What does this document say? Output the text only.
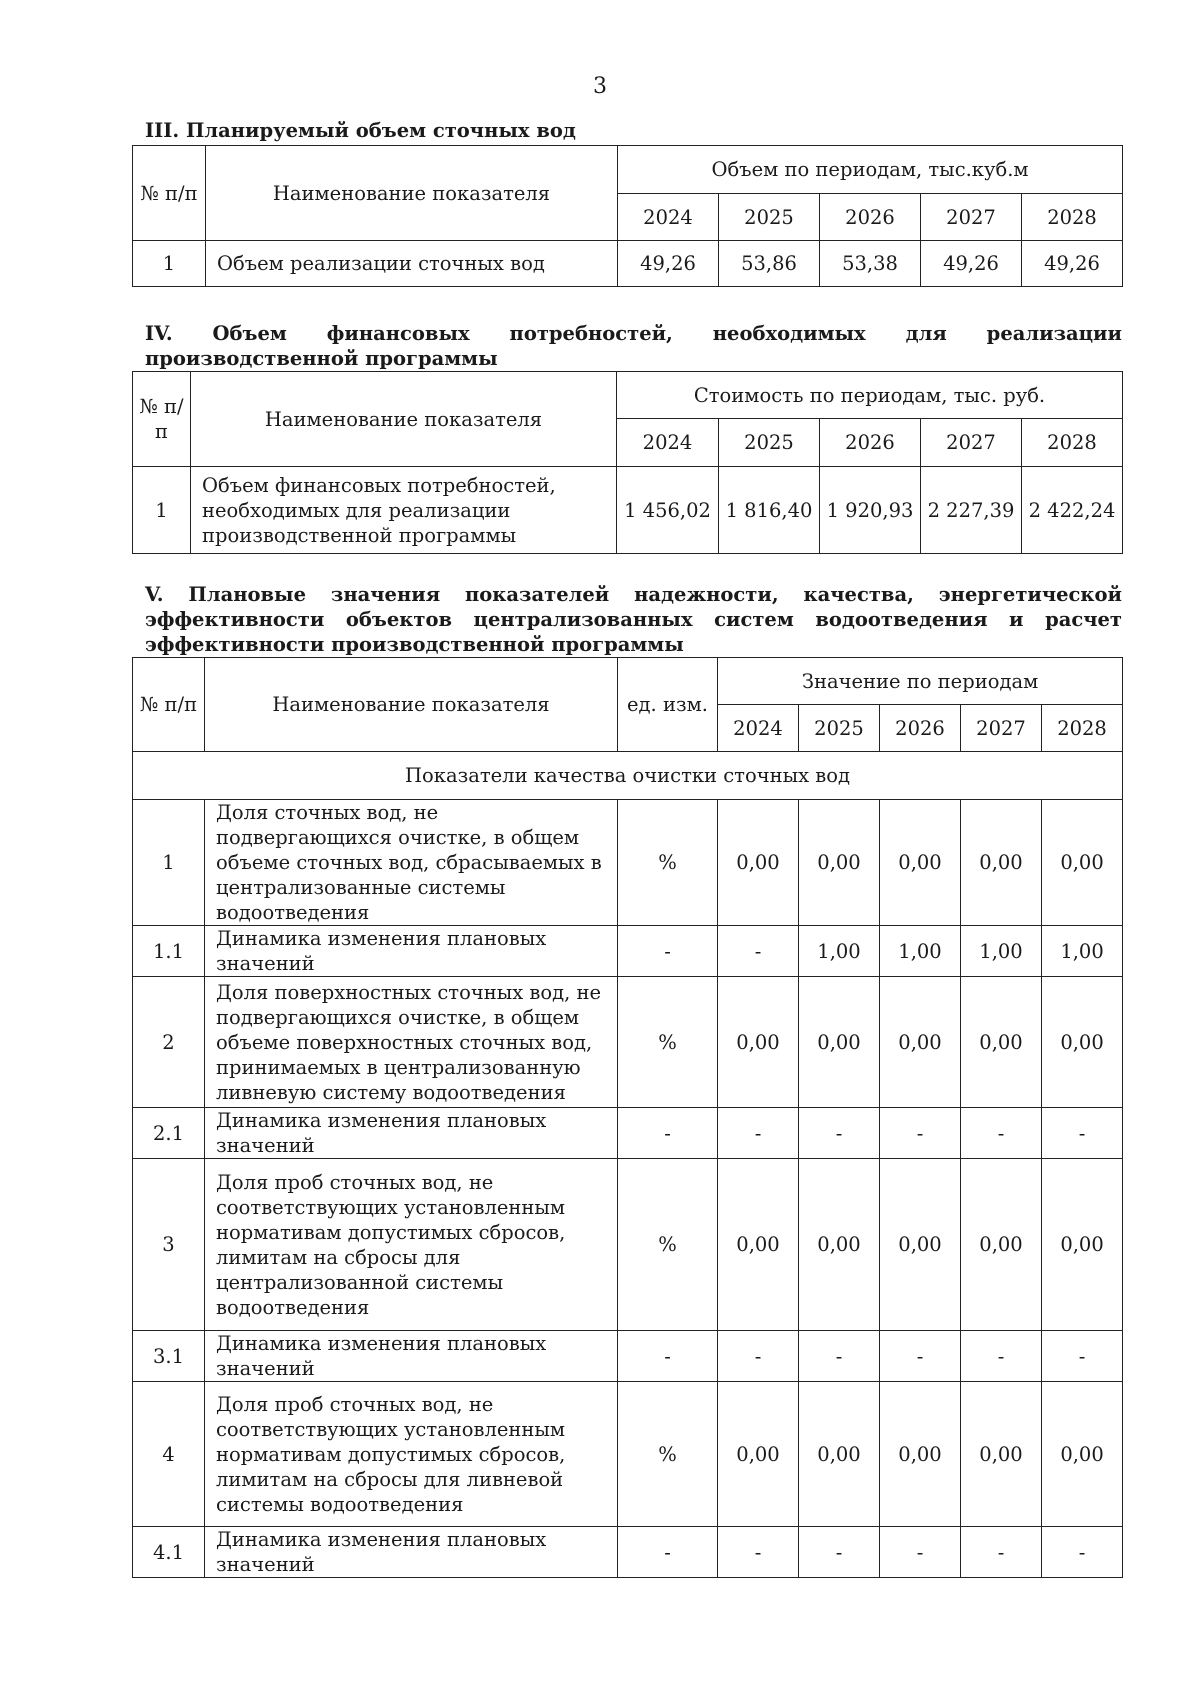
3
III. Планируемый объем сточных вод
№ п/п	Наименование показателя	Объем по периодам, тыс.куб.м				
		2024	2025	2026	2027	2028
1	Объем реализации сточных вод	49,26	53,86	53,38	49,26	49,26
IV. Объем финансовых потребностей, необходимых для реализации производственной программы
№ п/п	Наименование показателя	Стоимость по периодам, тыс. руб.				
		2024	2025	2026	2027	2028
1	Объем финансовых потребностей, необходимых для реализации производственной программы	1 456,02	1 816,40	1 920,93	2 227,39	2 422,24
V. Плановые значения показателей надежности, качества, энергетической эффективности объектов централизованных систем водоотведения и расчет эффективности производственной программы
№ п/п	Наименование показателя	ед. изм.	Значение по периодам				
			2024	2025	2026	2027	2028
Показатели качества очистки сточных вод							
1	Доля сточных вод, не подвергающихся очистке, в общем объеме сточных вод, сбрасываемых в централизованные системы водоотведения	%	0,00	0,00	0,00	0,00	0,00
1.1	Динамика изменения плановых значений	-	-	1,00	1,00	1,00	1,00
2	Доля поверхностных сточных вод, не подвергающихся очистке, в общем объеме поверхностных сточных вод, принимаемых в централизованную ливневую систему водоотведения	%	0,00	0,00	0,00	0,00	0,00
2.1	Динамика изменения плановых значений	-	-	-	-	-	-
3	Доля проб сточных вод, не соответствующих установленным нормативам допустимых сбросов, лимитам на сбросы для централизованной системы водоотведения	%	0,00	0,00	0,00	0,00	0,00
3.1	Динамика изменения плановых значений	-	-	-	-	-	-
4	Доля проб сточных вод, не соответствующих установленным нормативам допустимых сбросов, лимитам на сбросы для ливневой системы водоотведения	%	0,00	0,00	0,00	0,00	0,00
4.1	Динамика изменения плановых значений	-	-	-	-	-	-
